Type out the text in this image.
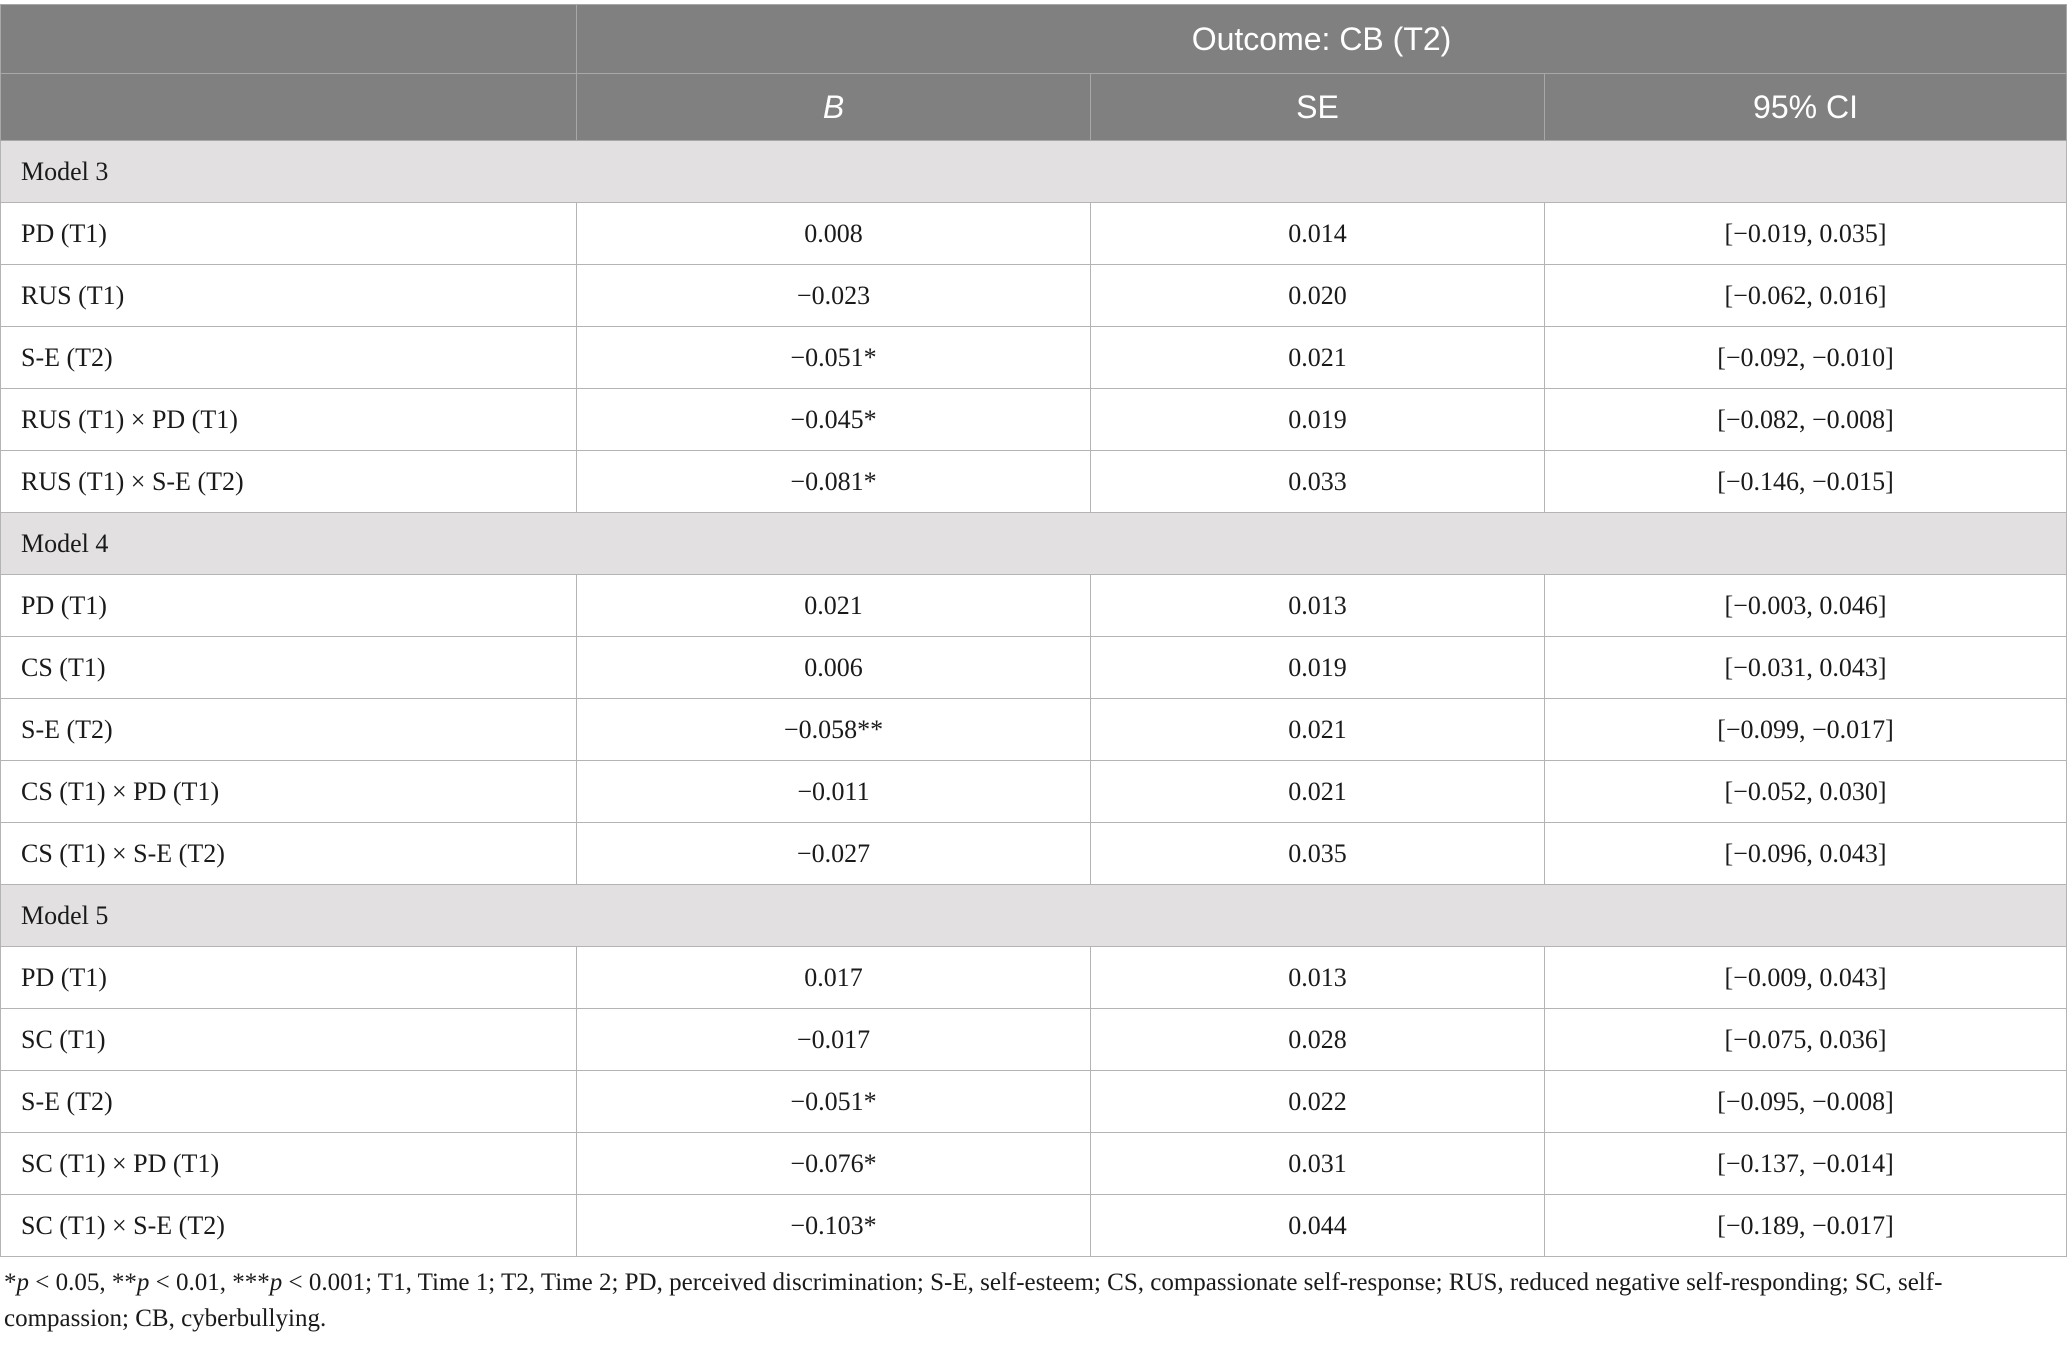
	Outcome: CB (T2)		
	B	SE	95% CI
Model 3			
PD (T1)	0.008	0.014	[−0.019, 0.035]
RUS (T1)	−0.023	0.020	[−0.062, 0.016]
S-E (T2)	−0.051*	0.021	[−0.092, −0.010]
RUS (T1) × PD (T1)	−0.045*	0.019	[−0.082, −0.008]
RUS (T1) × S-E (T2)	−0.081*	0.033	[−0.146, −0.015]
Model 4			
PD (T1)	0.021	0.013	[−0.003, 0.046]
CS (T1)	0.006	0.019	[−0.031, 0.043]
S-E (T2)	−0.058**	0.021	[−0.099, −0.017]
CS (T1) × PD (T1)	−0.011	0.021	[−0.052, 0.030]
CS (T1) × S-E (T2)	−0.027	0.035	[−0.096, 0.043]
Model 5			
PD (T1)	0.017	0.013	[−0.009, 0.043]
SC (T1)	−0.017	0.028	[−0.075, 0.036]
S-E (T2)	−0.051*	0.022	[−0.095, −0.008]
SC (T1) × PD (T1)	−0.076*	0.031	[−0.137, −0.014]
SC (T1) × S-E (T2)	−0.103*	0.044	[−0.189, −0.017]
*p < 0.05, **p < 0.01, ***p < 0.001; T1, Time 1; T2, Time 2; PD, perceived discrimination; S-E, self-esteem; CS, compassionate self-response; RUS, reduced negative self-responding; SC, self-compassion; CB, cyberbullying.
